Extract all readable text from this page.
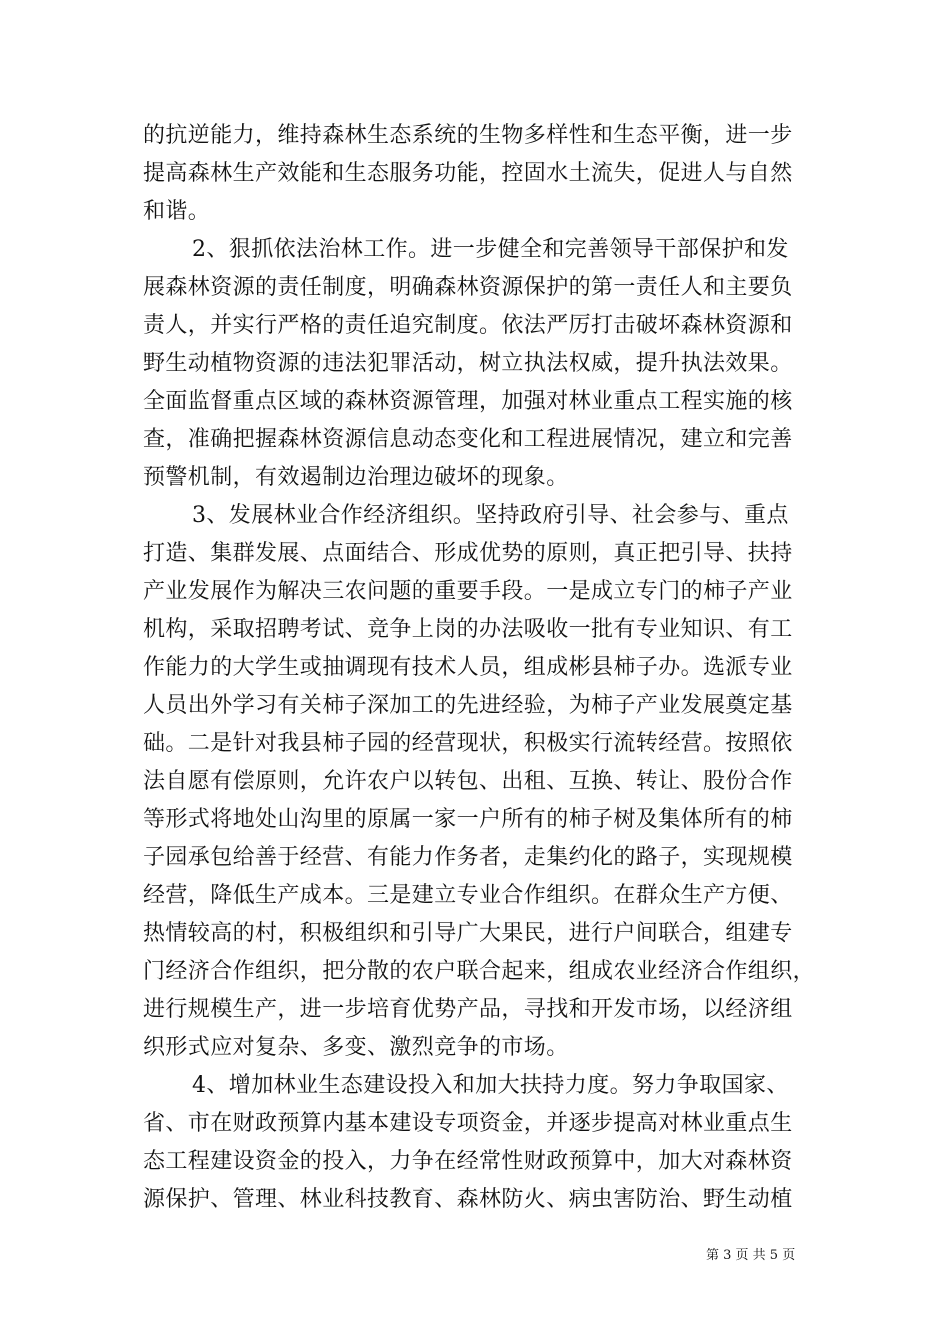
的抗逆能力，维持森林生态系统的生物多样性和生态平衡，进一步
提高森林生产效能和生态服务功能，控固水土流失，促进人与自然
和谐。
2、狠抓依法治林工作。进一步健全和完善领导干部保护和发
展森林资源的责任制度，明确森林资源保护的第一责任人和主要负
责人，并实行严格的责任追究制度。依法严厉打击破坏森林资源和
野生动植物资源的违法犯罪活动，树立执法权威，提升执法效果。
全面监督重点区域的森林资源管理，加强对林业重点工程实施的核
查，准确把握森林资源信息动态变化和工程进展情况，建立和完善
预警机制，有效遏制边治理边破坏的现象。
3、发展林业合作经济组织。坚持政府引导、社会参与、重点
打造、集群发展、点面结合、形成优势的原则，真正把引导、扶持
产业发展作为解决三农问题的重要手段。一是成立专门的柿子产业
机构，采取招聘考试、竞争上岗的办法吸收一批有专业知识、有工
作能力的大学生或抽调现有技术人员，组成彬县柿子办。选派专业
人员出外学习有关柿子深加工的先进经验，为柿子产业发展奠定基
础。二是针对我县柿子园的经营现状，积极实行流转经营。按照依
法自愿有偿原则，允许农户以转包、出租、互换、转让、股份合作
等形式将地处山沟里的原属一家一户所有的柿子树及集体所有的柿
子园承包给善于经营、有能力作务者，走集约化的路子，实现规模
经营，降低生产成本。三是建立专业合作组织。在群众生产方便、
热情较高的村，积极组织和引导广大果民，进行户间联合，组建专
门经济合作组织，把分散的农户联合起来，组成农业经济合作组织，
进行规模生产，进一步培育优势产品，寻找和开发市场，以经济组
织形式应对复杂、多变、激烈竞争的市场。
4、增加林业生态建设投入和加大扶持力度。努力争取国家、
省、市在财政预算内基本建设专项资金，并逐步提高对林业重点生
态工程建设资金的投入，力争在经常性财政预算中，加大对森林资
源保护、管理、林业科技教育、森林防火、病虫害防治、野生动植
第 3 页 共 5 页
